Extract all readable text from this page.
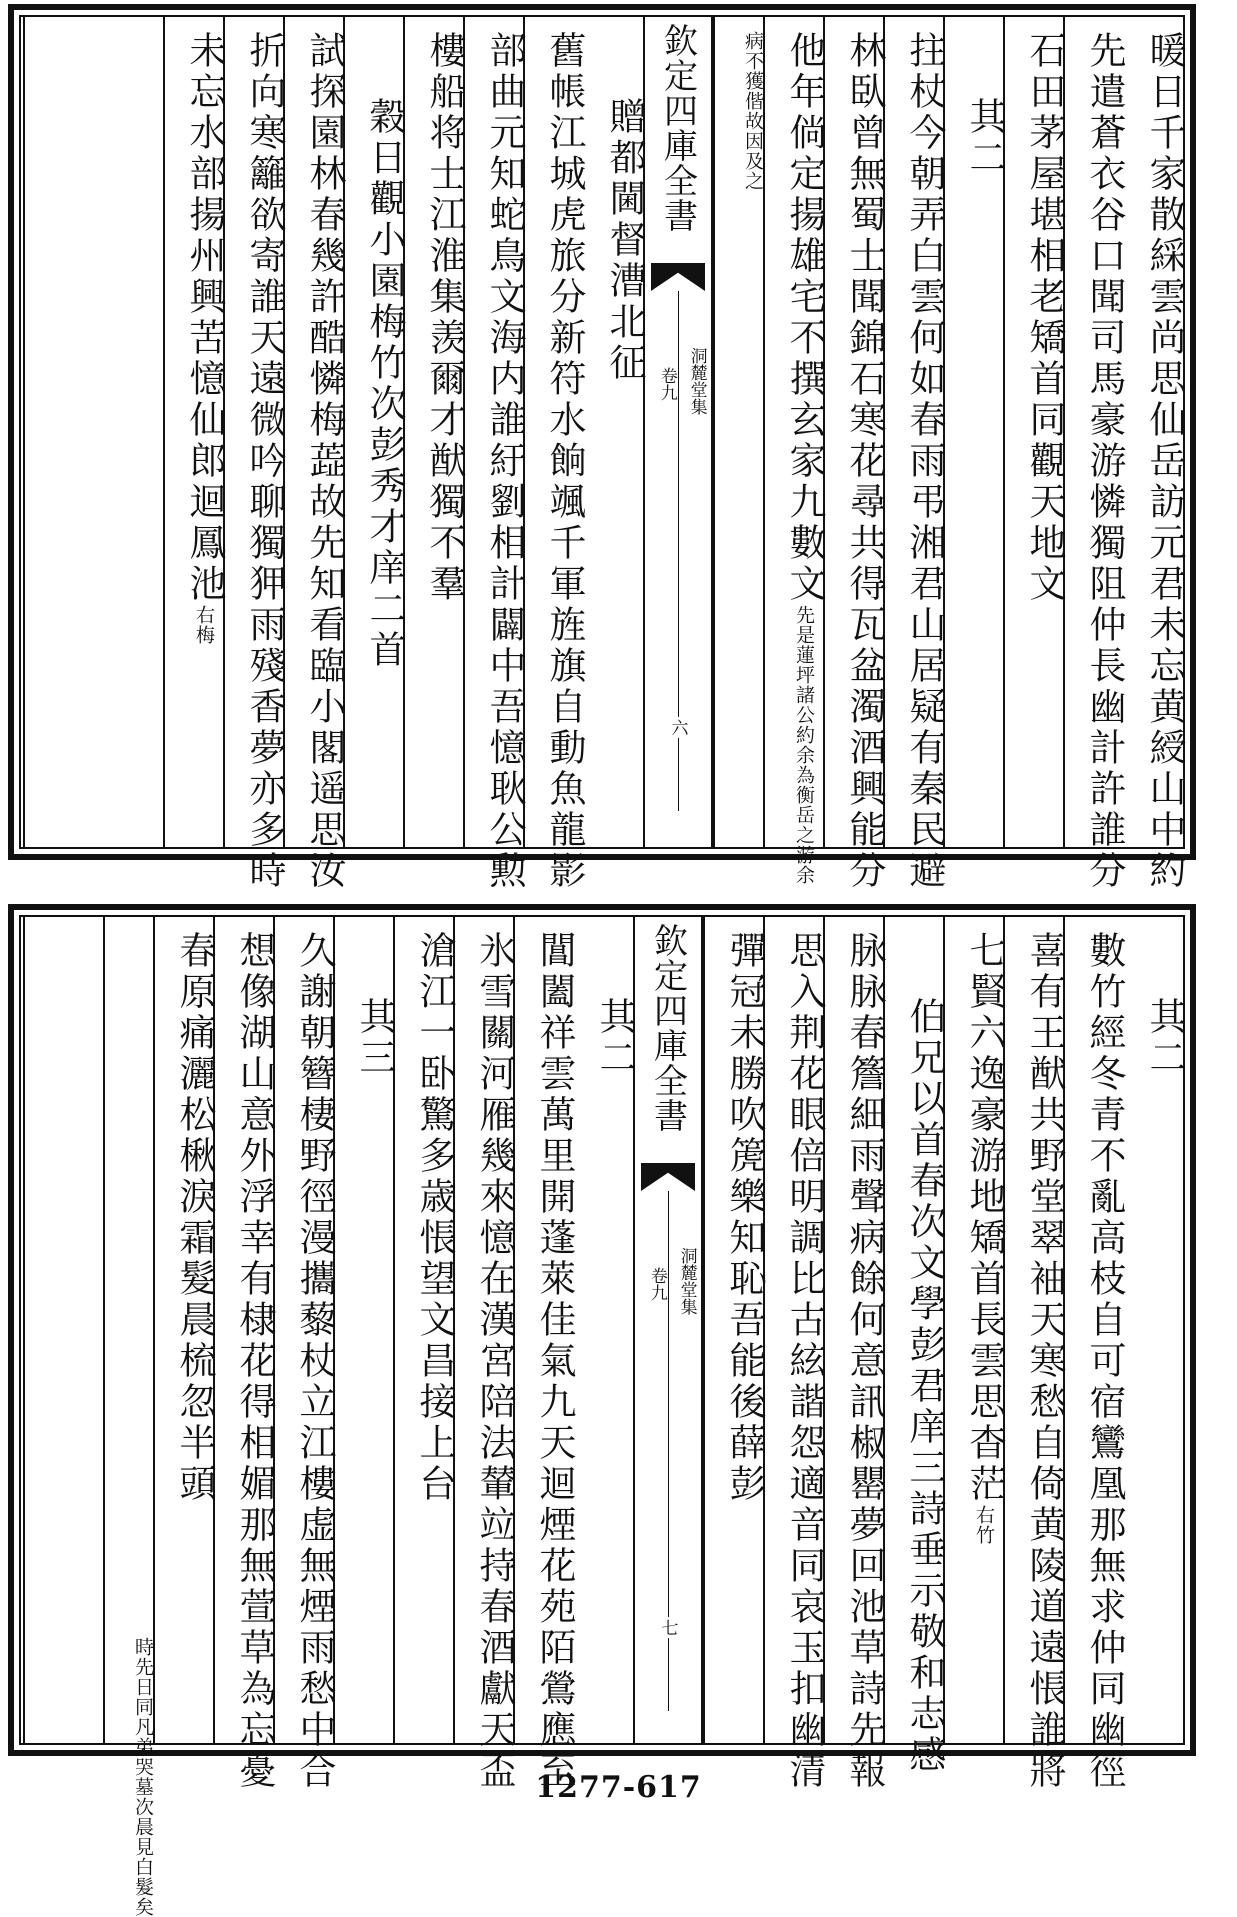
暖日千家散綵雲尚思仙岳訪元君未忘黄綬山中約
先遣蒼衣谷口聞司馬豪游憐獨阻仲長幽計許誰分
石田茅屋堪相老矯首同觀天地文
其二
拄杖今朝弄白雲何如春雨弔湘君山居疑有秦民避
林臥曾無蜀士聞錦石寒花尋共得瓦盆濁酒興能分
他年倘定揚雄宅不撰玄家九數文先是蓮坪諸公約余為衡岳之游余
病不獲偕故因及之
欽定四庫全書
洞麓堂集
卷九
六
贈都閫督漕北征
舊帳江城虎旅分新符水餉颯千軍旌旗自動魚龍影
部曲元知蛇鳥文海内誰紆劉相計闢中吾憶耿公勲
樓船将士江淮集羡爾才猷獨不羣
穀日觀小園梅竹次彭秀才庠二首
試探園林春幾許酷憐梅蕋故先知看臨小閣遥思汝
折向寒籬欲寄誰天遠微吟聊獨狎雨殘香夢亦多時
未忘水部揚州興苦憶仙郎迴鳳池右梅
其二
數竹經冬青不亂高枝自可宿鸞凰那無求仲同幽徑
喜有王猷共野堂翠袖天寒愁自倚黄陵道遠悵誰將
七賢六逸豪游地矯首長雲思杳茫右竹
伯兄以首春次文學彭君庠三詩垂示敬和志感
脉脉春簷細雨聲病餘何意訊椒罌夢回池草詩先報
思入荆花眼倍明調比古絃諧怨適音同哀玉扣幽清
彈冠未勝吹箎樂知恥吾能後薛彭
欽定四庫全書
洞麓堂集
卷九
七
其二
閶闔祥雲萬里開蓬萊佳氣九天迴煙花苑陌鶯應至
氷雪關河雁幾來憶在漢宮陪法輦竝持春酒獻天盃
滄江一卧驚多歳悵望文昌接上台
其三
久謝朝簪棲野徑漫攜藜杖立江樓虚無煙雨愁中合
想像湖山意外浮幸有棣花得相媚那無萱草為忘憂
春原痛灑松楸淚霜髮晨梳忽半頭
時先日同凡弟哭墓次晨見白髮矣	1277-617
